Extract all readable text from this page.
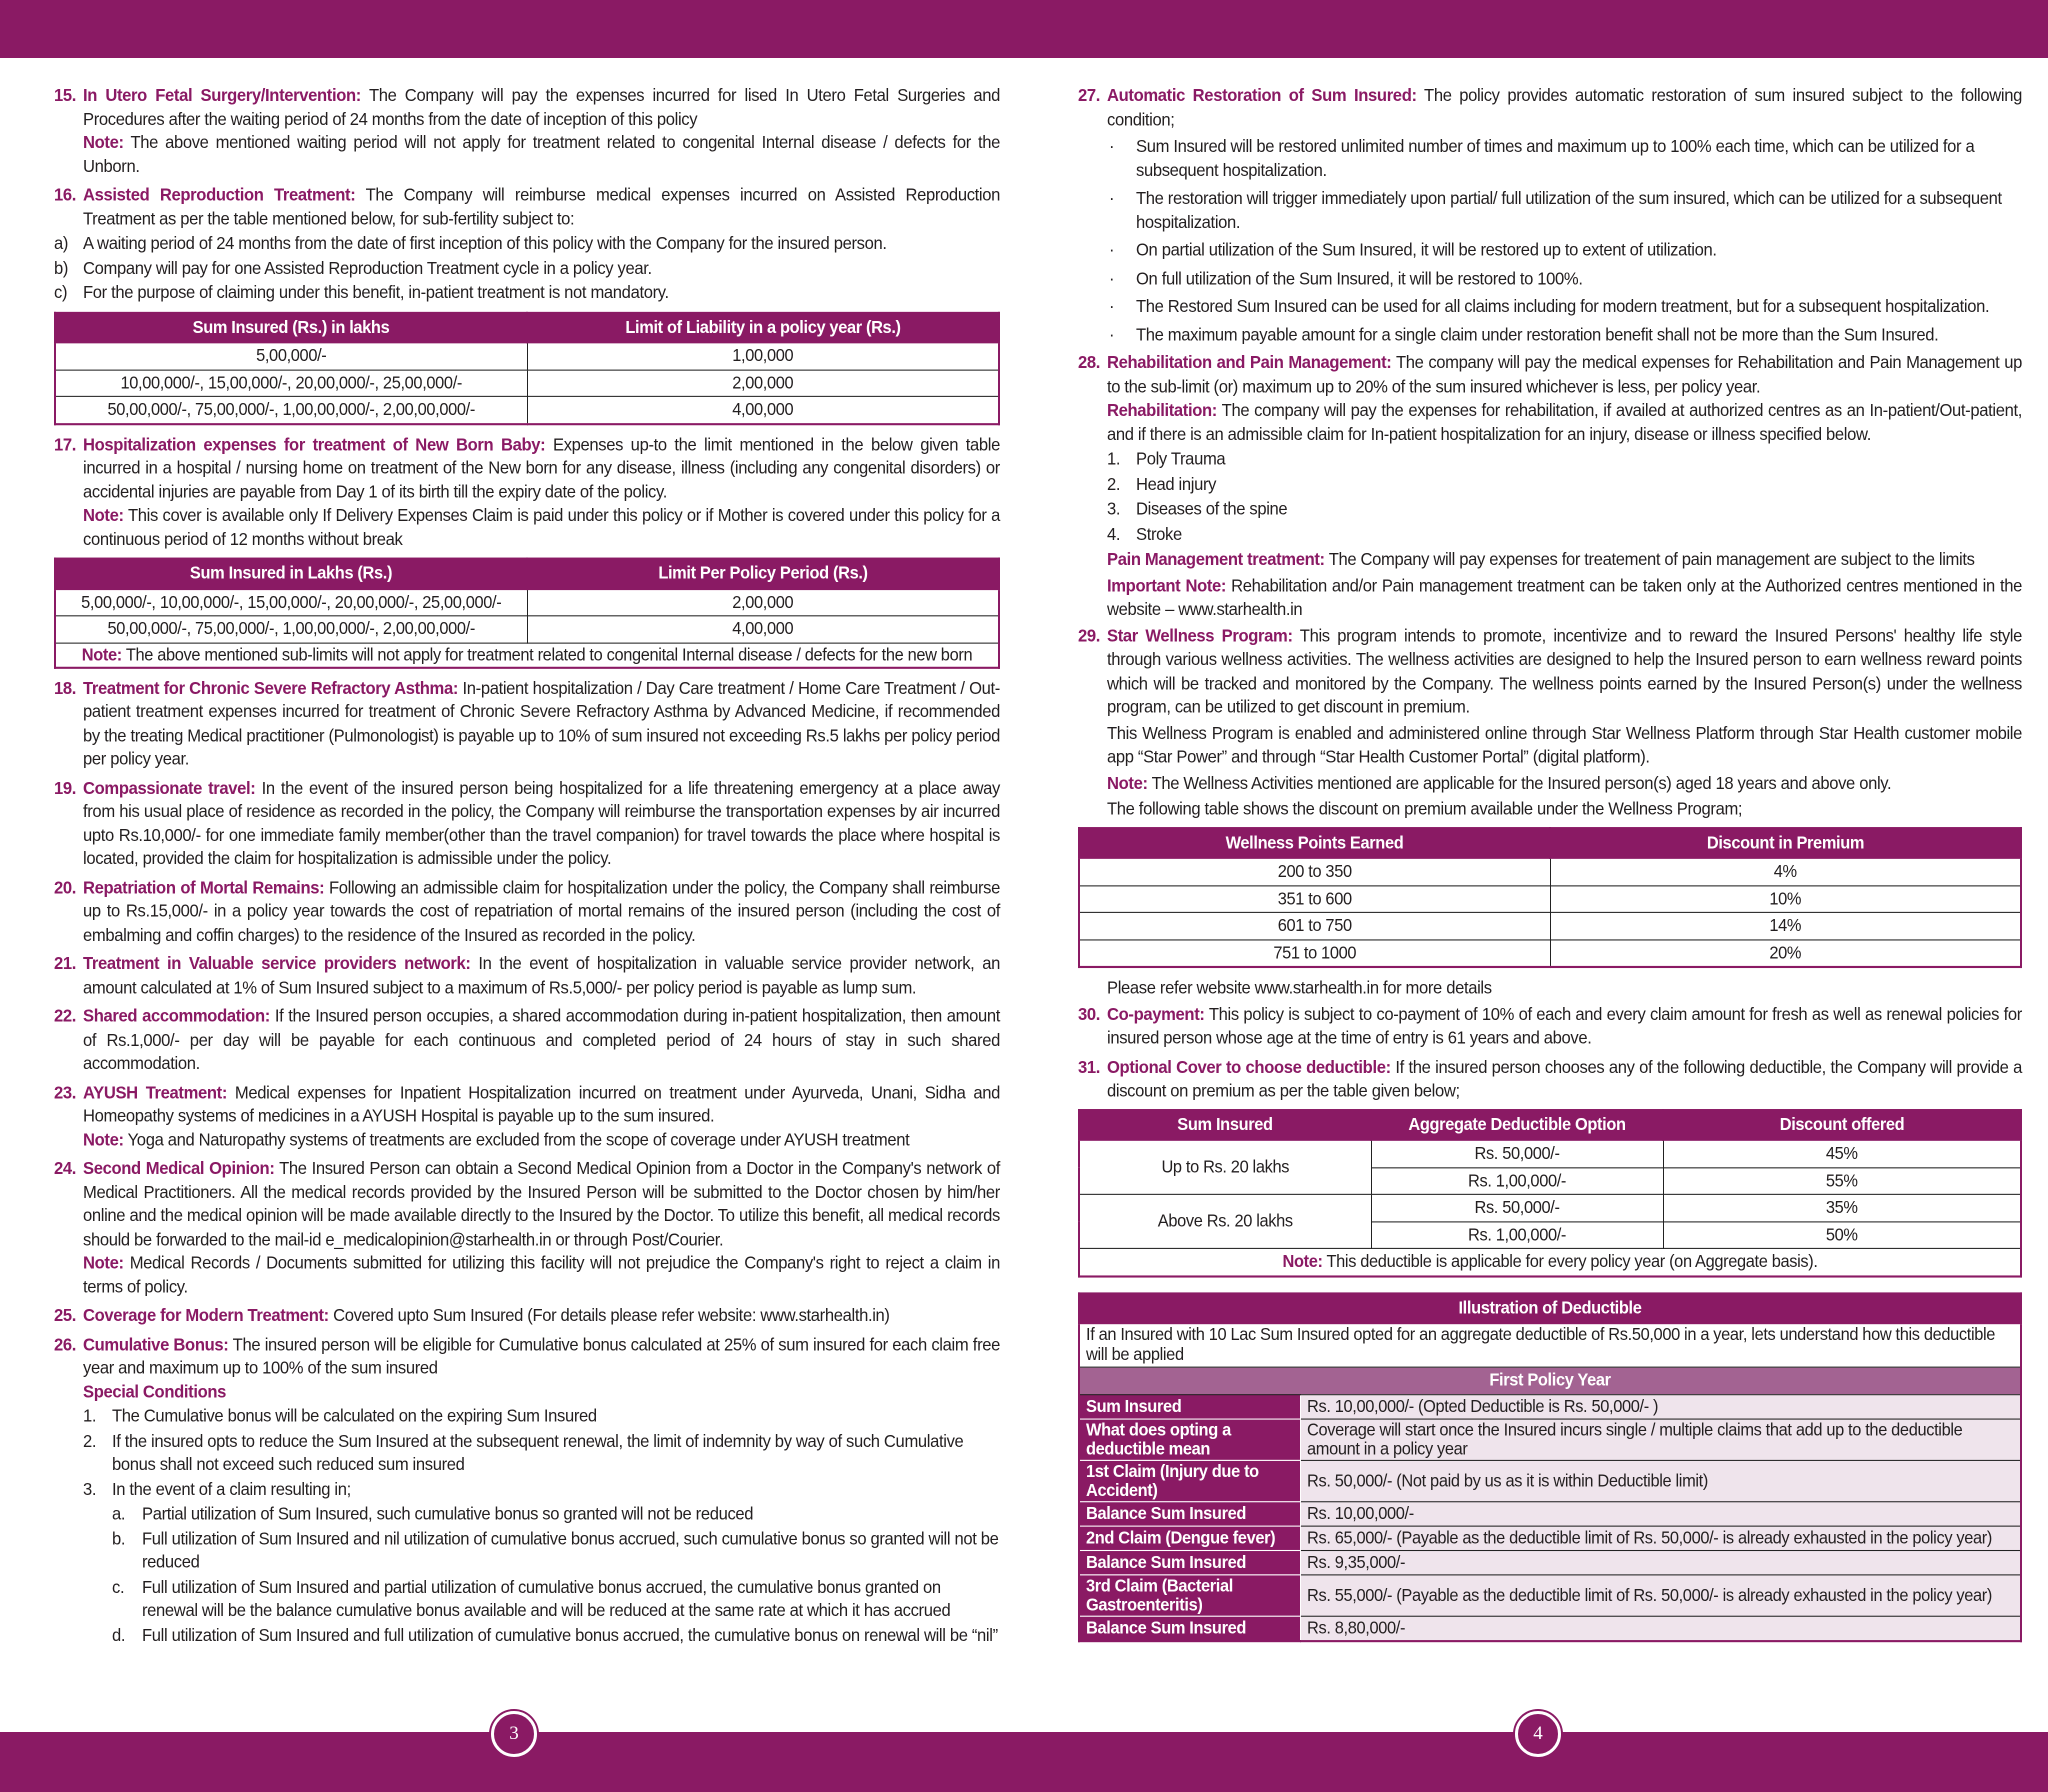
15. In Utero Fetal Surgery/Intervention: The Company will pay the expenses incurred for lised In Utero Fetal Surgeries and Procedures after the waiting period of 24 months from the date of inception of this policy
Note: The above mentioned waiting period will not apply for treatment related to congenital Internal disease / defects for the Unborn.
16. Assisted Reproduction Treatment: The Company will reimburse medical expenses incurred on Assisted Reproduction Treatment as per the table mentioned below, for sub-fertility subject to:
a) A waiting period of 24 months from the date of first inception of this policy with the Company for the insured person.
b) Company will pay for one Assisted Reproduction Treatment cycle in a policy year.
c) For the purpose of claiming under this benefit, in-patient treatment is not mandatory.
Sum Insured (Rs.) in lakhs	Limit of Liability in a policy year (Rs.)
5,00,000/-	1,00,000
10,00,000/-, 15,00,000/-, 20,00,000/-, 25,00,000/-	2,00,000
50,00,000/-, 75,00,000/-, 1,00,00,000/-, 2,00,00,000/-	4,00,000
17. Hospitalization expenses for treatment of New Born Baby: Expenses up-to the limit mentioned in the below given table incurred in a hospital / nursing home on treatment of the New born for any disease, illness (including any congenital disorders) or accidental injuries are payable from Day 1 of its birth till the expiry date of the policy.
Note: This cover is available only If Delivery Expenses Claim is paid under this policy or if Mother is covered under this policy for a continuous period of 12 months without break
Sum Insured in Lakhs (Rs.)	Limit Per Policy Period (Rs.)
5,00,000/-, 10,00,000/-, 15,00,000/-, 20,00,000/-, 25,00,000/-	2,00,000
50,00,000/-, 75,00,000/-, 1,00,00,000/-, 2,00,00,000/-	4,00,000
Note: The above mentioned sub-limits will not apply for treatment related to congenital Internal disease / defects for the new born	
18. Treatment for Chronic Severe Refractory Asthma: In-patient hospitalization / Day Care treatment / Home Care Treatment / Out-patient treatment expenses incurred for treatment of Chronic Severe Refractory Asthma by Advanced Medicine, if recommended by the treating Medical practitioner (Pulmonologist) is payable up to 10% of sum insured not exceeding Rs.5 lakhs per policy period per policy year.
19. Compassionate travel: In the event of the insured person being hospitalized for a life threatening emergency at a place away from his usual place of residence as recorded in the policy, the Company will reimburse the transportation expenses by air incurred upto Rs.10,000/- for one immediate family member(other than the travel companion) for travel towards the place where hospital is located, provided the claim for hospitalization is admissible under the policy.
20. Repatriation of Mortal Remains: Following an admissible claim for hospitalization under the policy, the Company shall reimburse up to Rs.15,000/- in a policy year towards the cost of repatriation of mortal remains of the insured person (including the cost of embalming and coffin charges) to the residence of the Insured as recorded in the policy.
21. Treatment in Valuable service providers network: In the event of hospitalization in valuable service provider network, an amount calculated at 1% of Sum Insured subject to a maximum of Rs.5,000/- per policy period is payable as lump sum.
22. Shared accommodation: If the Insured person occupies, a shared accommodation during in-patient hospitalization, then amount of Rs.1,000/- per day will be payable for each continuous and completed period of 24 hours of stay in such shared accommodation.
23. AYUSH Treatment: Medical expenses for Inpatient Hospitalization incurred on treatment under Ayurveda, Unani, Sidha and Homeopathy systems of medicines in a AYUSH Hospital is payable up to the sum insured.
Note: Yoga and Naturopathy systems of treatments are excluded from the scope of coverage under AYUSH treatment
24. Second Medical Opinion: The Insured Person can obtain a Second Medical Opinion from a Doctor in the Company's network of Medical Practitioners. All the medical records provided by the Insured Person will be submitted to the Doctor chosen by him/her online and the medical opinion will be made available directly to the Insured by the Doctor. To utilize this benefit, all medical records should be forwarded to the mail-id e_medicalopinion@starhealth.in or through Post/Courier.
Note: Medical Records / Documents submitted for utilizing this facility will not prejudice the Company's right to reject a claim in terms of policy.
25. Coverage for Modern Treatment: Covered upto Sum Insured (For details please refer website: www.starhealth.in)
26. Cumulative Bonus: The insured person will be eligible for Cumulative bonus calculated at 25% of sum insured for each claim free year and maximum up to 100% of the sum insured
Special Conditions
1. The Cumulative bonus will be calculated on the expiring Sum Insured
2. If the insured opts to reduce the Sum Insured at the subsequent renewal, the limit of indemnity by way of such Cumulative bonus shall not exceed such reduced sum insured
3. In the event of a claim resulting in;
a. Partial utilization of Sum Insured, such cumulative bonus so granted will not be reduced
b. Full utilization of Sum Insured and nil utilization of cumulative bonus accrued, such cumulative bonus so granted will not be reduced
c. Full utilization of Sum Insured and partial utilization of cumulative bonus accrued, the cumulative bonus granted on renewal will be the balance cumulative bonus available and will be reduced at the same rate at which it has accrued
d. Full utilization of Sum Insured and full utilization of cumulative bonus accrued, the cumulative bonus on renewal will be “nil”
27. Automatic Restoration of Sum Insured: The policy provides automatic restoration of sum insured subject to the following condition;
· Sum Insured will be restored unlimited number of times and maximum up to 100% each time, which can be utilized for a subsequent hospitalization.
· The restoration will trigger immediately upon partial/ full utilization of the sum insured, which can be utilized for a subsequent hospitalization.
· On partial utilization of the Sum Insured, it will be restored up to extent of utilization.
· On full utilization of the Sum Insured, it will be restored to 100%.
· The Restored Sum Insured can be used for all claims including for modern treatment, but for a subsequent hospitalization.
· The maximum payable amount for a single claim under restoration benefit shall not be more than the Sum Insured.
28. Rehabilitation and Pain Management: The company will pay the medical expenses for Rehabilitation and Pain Management up to the sub-limit (or) maximum up to 20% of the sum insured whichever is less, per policy year.
Rehabilitation: The company will pay the expenses for rehabilitation, if availed at authorized centres as an In-patient/Out-patient, and if there is an admissible claim for In-patient hospitalization for an injury, disease or illness specified below.
1. Poly Trauma
2. Head injury
3. Diseases of the spine
4. Stroke
Pain Management treatment: The Company will pay expenses for treatement of pain management are subject to the limits
Important Note: Rehabilitation and/or Pain management treatment can be taken only at the Authorized centres mentioned in the website – www.starhealth.in
29. Star Wellness Program: This program intends to promote, incentivize and to reward the Insured Persons' healthy life style through various wellness activities. The wellness activities are designed to help the Insured person to earn wellness reward points which will be tracked and monitored by the Company. The wellness points earned by the Insured Person(s) under the wellness program, can be utilized to get discount in premium.
This Wellness Program is enabled and administered online through Star Wellness Platform through Star Health customer mobile app “Star Power” and through “Star Health Customer Portal” (digital platform).
Note: The Wellness Activities mentioned are applicable for the Insured person(s) aged 18 years and above only.
The following table shows the discount on premium available under the Wellness Program;
Wellness Points Earned	Discount in Premium
200 to 350	4%
351 to 600	10%
601 to 750	14%
751 to 1000	20%
Please refer website www.starhealth.in for more details
30. Co-payment: This policy is subject to co-payment of 10% of each and every claim amount for fresh as well as renewal policies for insured person whose age at the time of entry is 61 years and above.
31. Optional Cover to choose deductible: If the insured person chooses any of the following deductible, the Company will provide a discount on premium as per the table given below;
Sum Insured	Aggregate Deductible Option	Discount offered
Up to Rs. 20 lakhs	Rs. 50,000/-	45%
	Rs. 1,00,000/-	55%
Above Rs. 20 lakhs	Rs. 50,000/-	35%
	Rs. 1,00,000/-	50%
Note: This deductible is applicable for every policy year (on Aggregate basis).		
Illustration of Deductible	
If an Insured with 10 Lac Sum Insured opted for an aggregate deductible of Rs.50,000 in a year, lets understand how this deductible will be applied	
First Policy Year	
Sum Insured	Rs. 10,00,000/- (Opted Deductible is Rs. 50,000/- )
What does opting a deductible mean	Coverage will start once the Insured incurs single / multiple claims that add up to the deductible amount in a policy year
1st Claim (Injury due to Accident)	Rs. 50,000/- (Not paid by us as it is within Deductible limit)
Balance Sum Insured	Rs. 10,00,000/-
2nd Claim (Dengue fever)	Rs. 65,000/- (Payable as the deductible limit of Rs. 50,000/- is already exhausted in the policy year)
Balance Sum Insured	Rs. 9,35,000/-
3rd Claim (Bacterial Gastroenteritis)	Rs. 55,000/- (Payable as the deductible limit of Rs. 50,000/- is already exhausted in the policy year)
Balance Sum Insured	Rs. 8,80,000/-
3	4
